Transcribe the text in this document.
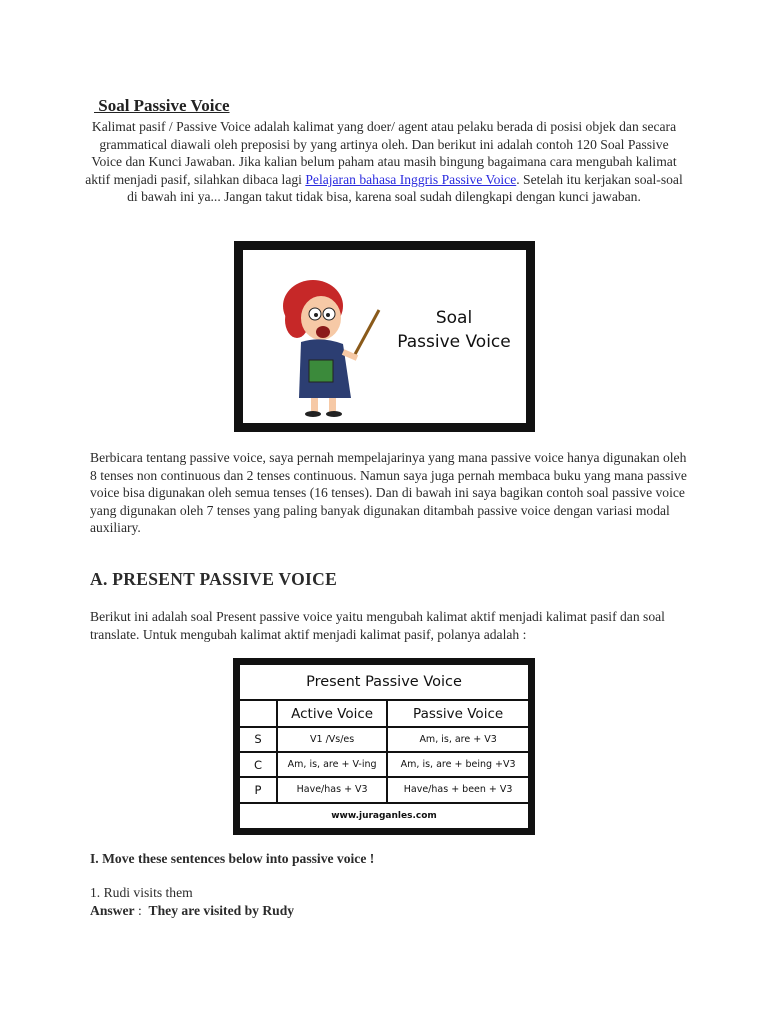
Soal Passive Voice

Kalimat pasif / Passive Voice adalah kalimat yang doer/ agent atau pelaku berada di posisi objek dan secara grammatical diawali oleh preposisi by yang artinya oleh. Dan berikut ini adalah contoh 120 Soal Passive Voice dan Kunci Jawaban. Jika kalian belum paham atau masih bingung bagaimana cara mengubah kalimat aktif menjadi pasif, silahkan dibaca lagi Pelajaran bahasa Inggris Passive Voice. Setelah itu kerjakan soal-soal di bawah ini ya... Jangan takut tidak bisa, karena soal sudah dilengkapi dengan kunci jawaban.

Soal
Passive Voice

Berbicara tentang passive voice, saya pernah mempelajarinya yang mana passive voice hanya digunakan oleh 8 tenses non continuous dan 2 tenses continuous. Namun saya juga pernah membaca buku yang mana passive voice bisa digunakan oleh semua tenses (16 tenses). Dan di bawah ini saya bagikan contoh soal passive voice yang digunakan oleh 7 tenses yang paling banyak digunakan ditambah passive voice dengan variasi modal auxiliary.

A. PRESENT PASSIVE VOICE

Berikut ini adalah soal Present passive voice yaitu mengubah kalimat aktif menjadi kalimat pasif dan soal translate. Untuk mengubah kalimat aktif menjadi kalimat pasif, polanya adalah :

Present Passive Voice		
	Active Voice	Passive Voice
S	V1 /Vs/es	Am, is, are + V3
C	Am, is, are + V-ing	Am, is, are + being +V3
P	Have/has + V3	Have/has + been + V3
www.juraganles.com		

I. Move these sentences below into passive voice !

1. Rudi visits them

Answer :  They are visited by Rudy
